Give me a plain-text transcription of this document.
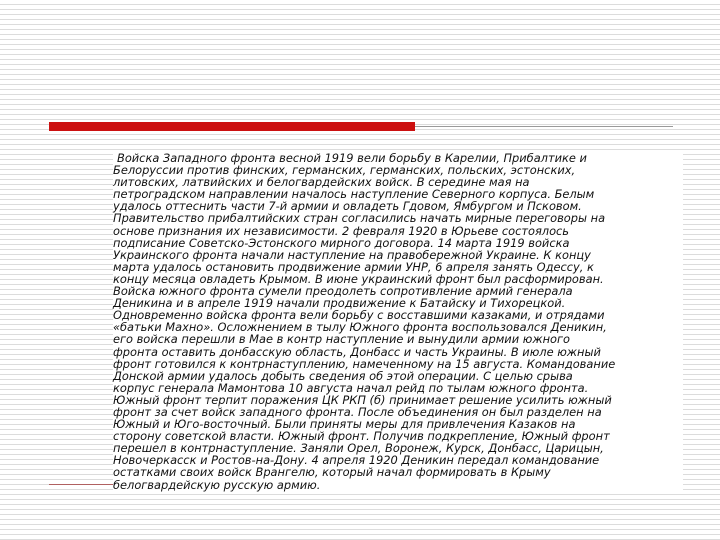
Войска Западного фронта весной 1919 вели борьбу в Карелии, Прибалтике и
Белоруссии против финских, германских, германских, польских, эстонских,
литовских, латвийских и белогвардейских войск. В середине мая на
петроградском направлении началось наступление Северного корпуса. Белым
удалось оттеснить части 7-й армии и овладеть Гдовом, Ямбургом и Псковом.
Правительство прибалтийских стран согласились начать мирные переговоры на
основе признания их независимости. 2 февраля 1920 в Юрьеве состоялось
подписание Советско-Эстонского мирного договора. 14 марта 1919 войска
Украинского фронта начали наступление на правобережной Украине. К концу
марта удалось остановить продвижение армии УНР, 6 апреля занять Одессу, к
концу месяца овладеть Крымом. В июне украинский фронт был расформирован.
Войска южного фронта сумели преодолеть сопротивление армий генерала
Деникина и в апреле 1919 начали продвижение к Батайску и Тихорецкой.
Одновременно войска фронта вели борьбу с восставшими казаками, и отрядами
«батьки Махно». Осложнением в тылу Южного фронта воспользовался Деникин,
его войска перешли в Мае в контр наступление и вынудили армии южного
фронта оставить донбасскую область, Донбасс и часть Украины. В июле южный
фронт готовился к контрнаступлению, намеченному на 15 августа. Командование
Донской армии удалось добыть сведения об этой операции. С целью срыва
корпус генерала Мамонтова 10 августа начал рейд по тылам южного фронта.
Южный фронт терпит поражения ЦК РКП (б) принимает решение усилить южный
фронт за счет войск западного фронта. После объединения он был разделен на
Южный и Юго-восточный. Были приняты меры для привлечения Казаков на
сторону советской власти. Южный фронт. Получив подкрепление, Южный фронт
перешел в контрнаступление. Заняли Орел, Воронеж, Курск, Донбасс, Царицын,
Новочеркасск и Ростов-на-Дону. 4 апреля 1920 Деникин передал командование
остатками своих войск Врангелю, который начал формировать в Крыму
белогвардейскую русскую армию.
